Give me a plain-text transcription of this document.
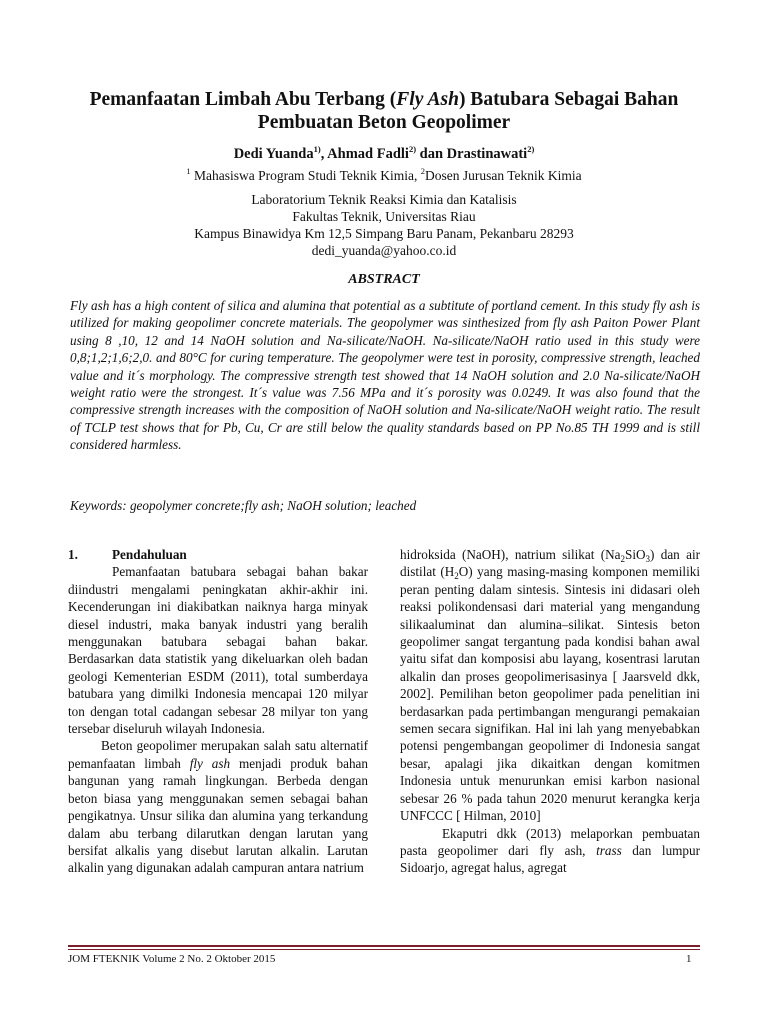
Pemanfaatan Limbah Abu Terbang (Fly Ash) Batubara Sebagai Bahan
Pembuatan Beton Geopolimer
Dedi Yuanda$^{1)}$, Ahmad Fadli$^{2)}$ dan Drastinawati$^{2)}$
$^1$ Mahasiswa Program Studi Teknik Kimia, $^2$Dosen Jurusan Teknik Kimia
Laboratorium Teknik Reaksi Kimia dan Katalisis
Fakultas Teknik, Universitas Riau
Kampus Binawidya Km 12,5 Simpang Baru Panam, Pekanbaru 28293
dedi_yuanda@yahoo.co.id
ABSTRACT
Fly ash has a high content of silica and alumina that potential as a subtitute of portland cement. In this study fly ash is utilized for making geopolimer concrete materials. The geopolymer was sinthesized from fly ash Paiton Power Plant using 8 ,10, 12 and 14 NaOH solution and Na-silicate/NaOH. Na-silicate/NaOH ratio used in this study were 0,8;1,2;1,6;2,0. and 80°C for curing temperature. The geopolymer were test in porosity, compressive strength, leached value and it´s morphology. The compressive strength test showed that 14 NaOH solution and 2.0 Na-silicate/NaOH weight ratio were the strongest. It´s value was 7.56 MPa and it´s porosity was 0.0249. It was also found that the compressive strength increases with the composition of NaOH solution and Na-silicate/NaOH weight ratio. The result of TCLP test shows that for Pb, Cu, Cr are still below the quality standards based on PP No.85 TH 1999 and is still considered harmless.
Keywords: geopolymer concrete;fly ash; NaOH solution; leached
1.	Pendahuluan

Pemanfaatan batubara sebagai bahan bakar diindustri mengalami peningkatan akhir-akhir ini. Kecenderungan ini diakibatkan naiknya harga minyak diesel industri, maka banyak industri yang beralih menggunakan batubara sebagai bahan bakar. Berdasarkan data statistik yang dikeluarkan oleh badan geologi Kementerian ESDM (2011), total sumberdaya batubara yang dimilki Indonesia mencapai 120 milyar ton dengan total cadangan sebesar 28 milyar ton yang tersebar diseluruh wilayah Indonesia.

Beton geopolimer merupakan salah satu alternatif pemanfaatan limbah fly ash menjadi produk bahan bangunan yang ramah lingkungan. Berbeda dengan beton biasa yang menggunakan semen sebagai bahan pengikatnya. Unsur silika dan alumina yang terkandung dalam abu terbang dilarutkan dengan larutan yang bersifat alkalis yang disebut larutan alkalin. Larutan alkalin yang digunakan adalah campuran antara natrium

hidroksida (NaOH), natrium silikat $(Na_2SiO_3)$ dan air distilat $(H_2O)$ yang masing-masing komponen memiliki peran penting dalam sintesis. Sintesis ini didasari oleh reaksi polikondensasi dari material yang mengandung silikaaluminat dan alumina–silikat. Sintesis beton geopolimer sangat tergantung pada kondisi bahan awal yaitu sifat dan komposisi abu layang, kosentrasi larutan alkalin dan proses geopolimerisasinya [ Jaarsveld dkk, 2002]. Pemilihan beton geopolimer pada penelitian ini berdasarkan pada pertimbangan mengurangi pemakaian semen secara signifikan. Hal ini lah yang menyebabkan potensi pengembangan geopolimer di Indonesia sangat besar, apalagi jika dikaitkan dengan komitmen Indonesia untuk menurunkan emisi karbon nasional sebesar 26 % pada tahun 2020 menurut kerangka kerja UNFCCC [ Hilman, 2010]

Ekaputri dkk (2013) melaporkan pembuatan pasta geopolimer dari fly ash, trass dan lumpur Sidoarjo, agregat halus, agregat

JOM FTEKNIK Volume 2 No. 2 Oktober 2015	1
